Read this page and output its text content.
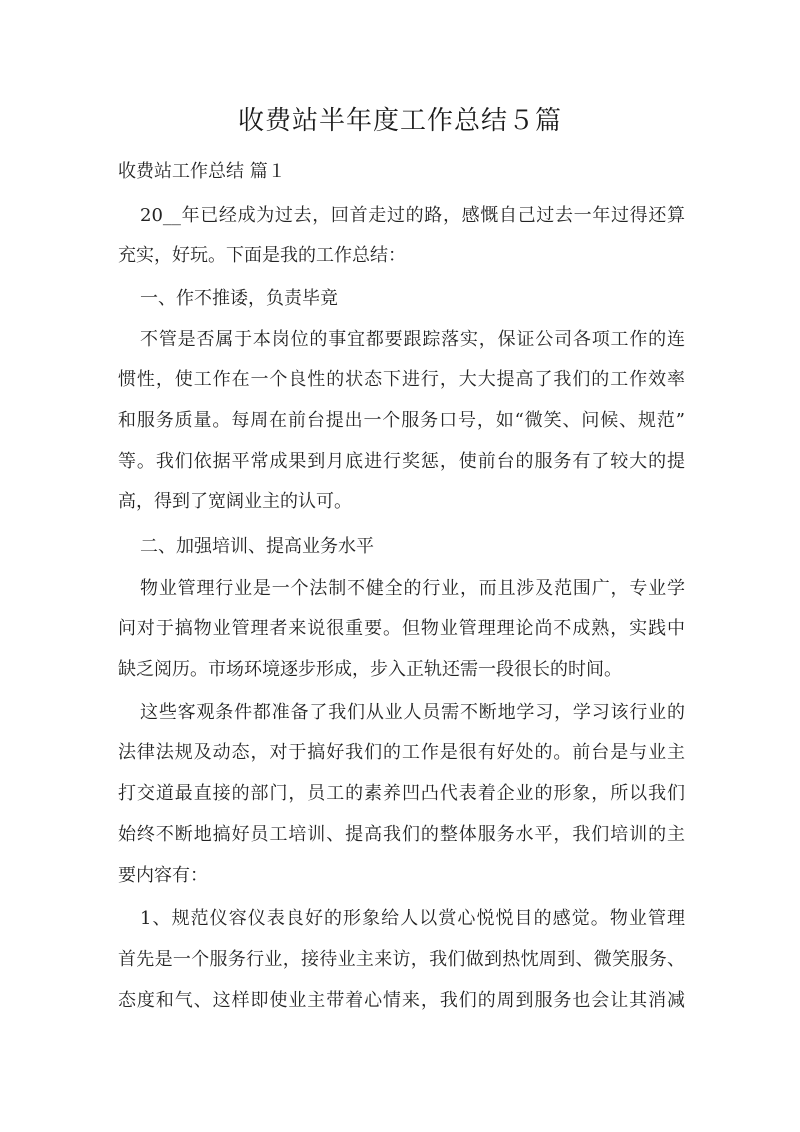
收费站半年度工作总结５篇
收费站工作总结 篇１
20__年已经成为过去，回首走过的路，感慨自己过去一年过得还算
充实，好玩。下面是我的工作总结：
一、作不推诿，负责毕竟
不管是否属于本岗位的事宜都要跟踪落实，保证公司各项工作的连
惯性，使工作在一个良性的状态下进行，大大提高了我们的工作效率
和服务质量。每周在前台提出一个服务口号，如“微笑、问候、规范”
等。我们依据平常成果到月底进行奖惩，使前台的服务有了较大的提
高，得到了宽阔业主的认可。
二、加强培训、提高业务水平
物业管理行业是一个法制不健全的行业，而且涉及范围广，专业学
问对于搞物业管理者来说很重要。但物业管理理论尚不成熟，实践中
缺乏阅历。市场环境逐步形成，步入正轨还需一段很长的时间。
这些客观条件都准备了我们从业人员需不断地学习，学习该行业的
法律法规及动态，对于搞好我们的工作是很有好处的。前台是与业主
打交道最直接的部门，员工的素养凹凸代表着企业的形象，所以我们
始终不断地搞好员工培训、提高我们的整体服务水平，我们培训的主
要内容有：
1、规范仪容仪表良好的形象给人以赏心悦悦目的感觉。物业管理
首先是一个服务行业，接待业主来访，我们做到热忱周到、微笑服务、
态度和气、这样即使业主带着心情来，我们的周到服务也会让其消减
